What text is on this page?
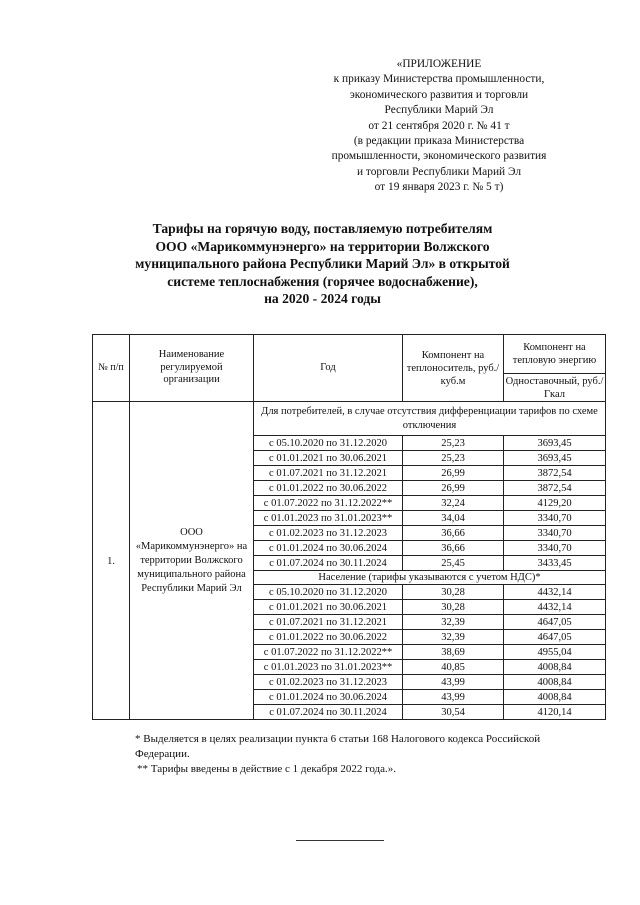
«ПРИЛОЖЕНИЕ
к приказу Министерства промышленности,
экономического развития и торговли
Республики Марий Эл
от 21 сентября 2020 г. № 41 т
(в редакции приказа Министерства
промышленности, экономического развития
и торговли Республики Марий Эл
от 19 января 2023 г. № 5 т)
Тарифы на горячую воду, поставляемую потребителям
ООО «Марикоммунэнерго» на территории Волжского
муниципального района Республики Марий Эл» в открытой
системе теплоснабжения (горячее водоснабжение),
на 2020 - 2024 годы
№ п/п	Наименование регулируемой организации	Год	Компонент на теплоноситель, руб./куб.м	Компонент на тепловую энергию
				Одноставочный, руб./Гкал
1.	ООО «Марикоммунэнерго» на территории Волжского муниципального района Республики Марий Эл	Для потребителей, в случае отсутствия дифференциации тарифов по схеме отключения		
		с 05.10.2020 по 31.12.2020	25,23	3693,45
		с 01.01.2021 по 30.06.2021	25,23	3693,45
		с 01.07.2021 по 31.12.2021	26,99	3872,54
		с 01.01.2022 по 30.06.2022	26,99	3872,54
		с 01.07.2022 по 31.12.2022**	32,24	4129,20
		с 01.01.2023 по 31.01.2023**	34,04	3340,70
		с 01.02.2023 по 31.12.2023	36,66	3340,70
		с 01.01.2024 по 30.06.2024	36,66	3340,70
		с 01.07.2024 по 30.11.2024	25,45	3433,45
		Население (тарифы указываются с учетом НДС)*		
		с 05.10.2020 по 31.12.2020	30,28	4432,14
		с 01.01.2021 по 30.06.2021	30,28	4432,14
		с 01.07.2021 по 31.12.2021	32,39	4647,05
		с 01.01.2022 по 30.06.2022	32,39	4647,05
		с 01.07.2022 по 31.12.2022**	38,69	4955,04
		с 01.01.2023 по 31.01.2023**	40,85	4008,84
		с 01.02.2023 по 31.12.2023	43,99	4008,84
		с 01.01.2024 по 30.06.2024	43,99	4008,84
		с 01.07.2024 по 30.11.2024	30,54	4120,14
* Выделяется в целях реализации пункта 6 статьи 168 Налогового кодекса Российской Федерации.
** Тарифы введены в действие с 1 декабря 2022 года.».
